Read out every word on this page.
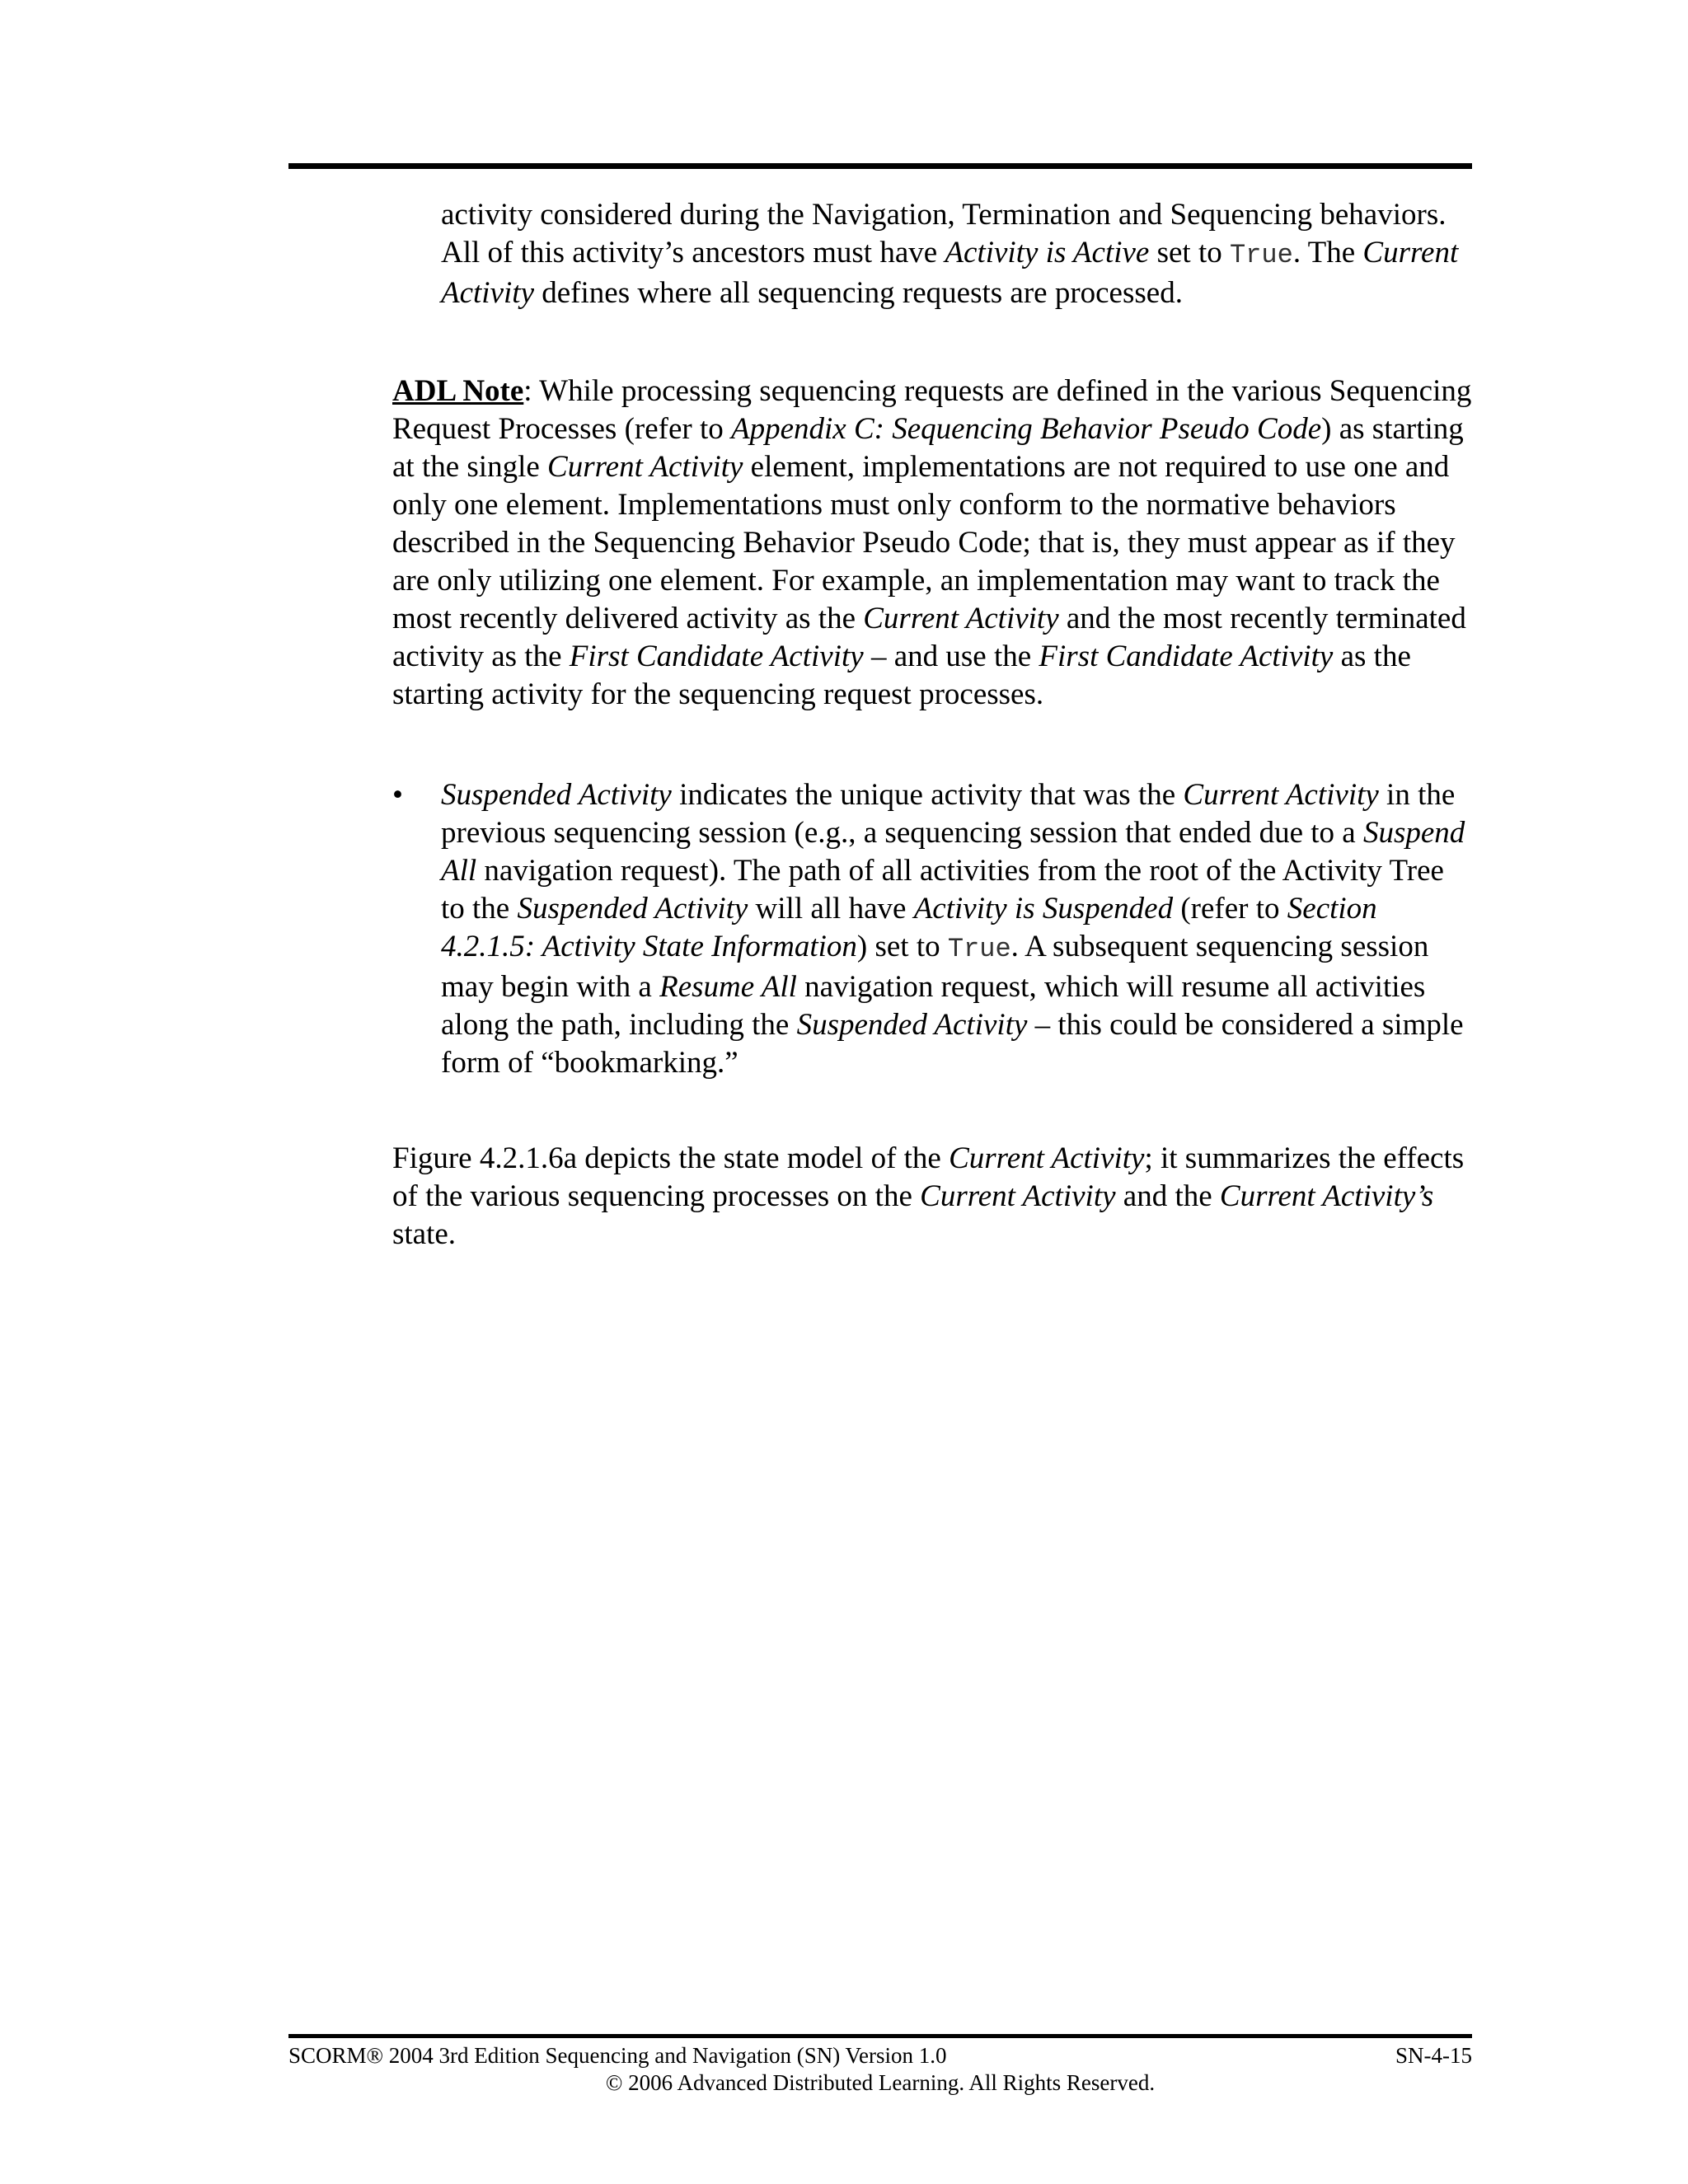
activity considered during the Navigation, Termination and Sequencing behaviors. All of this activity’s ancestors must have Activity is Active set to True. The Current Activity defines where all sequencing requests are processed.

ADL Note: While processing sequencing requests are defined in the various Sequencing Request Processes (refer to Appendix C: Sequencing Behavior Pseudo Code) as starting at the single Current Activity element, implementations are not required to use one and only one element. Implementations must only conform to the normative behaviors described in the Sequencing Behavior Pseudo Code; that is, they must appear as if they are only utilizing one element. For example, an implementation may want to track the most recently delivered activity as the Current Activity and the most recently terminated activity as the First Candidate Activity – and use the First Candidate Activity as the starting activity for the sequencing request processes.

• Suspended Activity indicates the unique activity that was the Current Activity in the previous sequencing session (e.g., a sequencing session that ended due to a Suspend All navigation request). The path of all activities from the root of the Activity Tree to the Suspended Activity will all have Activity is Suspended (refer to Section 4.2.1.5: Activity State Information) set to True. A subsequent sequencing session may begin with a Resume All navigation request, which will resume all activities along the path, including the Suspended Activity – this could be considered a simple form of “bookmarking.”

Figure 4.2.1.6a depicts the state model of the Current Activity; it summarizes the effects of the various sequencing processes on the Current Activity and the Current Activity’s state.

SCORM® 2004 3rd Edition Sequencing and Navigation (SN) Version 1.0	SN-4-15
© 2006 Advanced Distributed Learning. All Rights Reserved.
